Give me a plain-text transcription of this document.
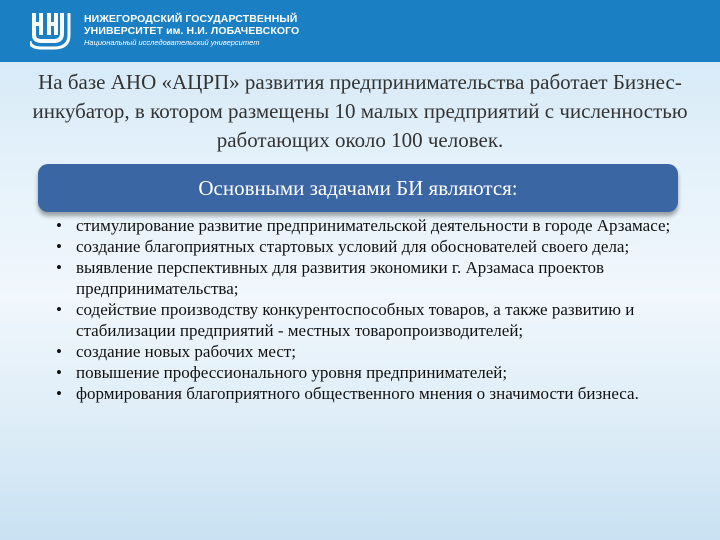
НИЖЕГОРОДСКИЙ ГОСУДАРСТВЕННЫЙ
УНИВЕРСИТЕТ им. Н.И. ЛОБАЧЕВСКОГО
Национальный исследовательский университет
На базе АНО «АЦРП» развития предпринимательства работает Бизнес-инкубатор, в котором размещены 10 малых предприятий с численностью работающих около 100 человек.
Основными задачами БИ являются:
• стимулирование развитие предпринимательской деятельности в городе Арзамасе;
• создание благоприятных стартовых условий для обоснователей своего дела;
• выявление перспективных для развития экономики г. Арзамаса проектов предпринимательства;
• содействие производству конкурентоспособных товаров, а также развитию и стабилизации предприятий - местных товаропроизводителей;
• создание новых рабочих мест;
• повышение профессионального уровня предпринимателей;
• формирования благоприятного общественного мнения о значимости бизнеса.
